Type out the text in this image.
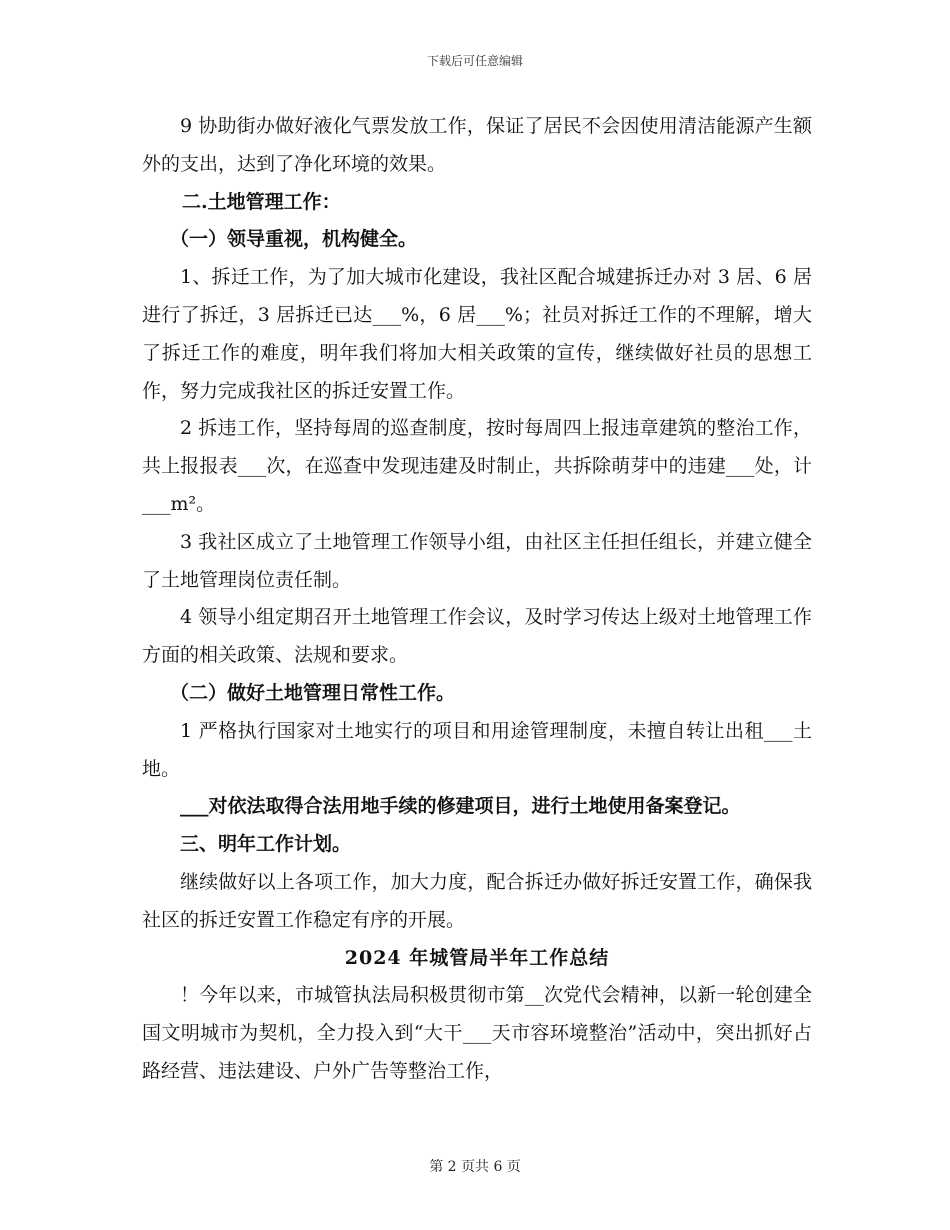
下载后可任意编辑

9 协助街办做好液化气票发放工作，保证了居民不会因使用清洁能源产生额外的支出，达到了净化环境的效果。

二.土地管理工作：

（一）领导重视，机构健全。

1、拆迁工作，为了加大城市化建设，我社区配合城建拆迁办对 3 居、6 居进行了拆迁，3 居拆迁已达___%，6 居___%；社员对拆迁工作的不理解，增大了拆迁工作的难度，明年我们将加大相关政策的宣传，继续做好社员的思想工作，努力完成我社区的拆迁安置工作。

2 拆违工作，坚持每周的巡查制度，按时每周四上报违章建筑的整治工作，共上报报表___次，在巡查中发现违建及时制止，共拆除萌芽中的违建___处，计___m²。

3 我社区成立了土地管理工作领导小组，由社区主任担任组长，并建立健全了土地管理岗位责任制。

4 领导小组定期召开土地管理工作会议，及时学习传达上级对土地管理工作方面的相关政策、法规和要求。

（二）做好土地管理日常性工作。

1 严格执行国家对土地实行的项目和用途管理制度，未擅自转让出租___土地。

___对依法取得合法用地手续的修建项目，进行土地使用备案登记。

三、明年工作计划。

继续做好以上各项工作，加大力度，配合拆迁办做好拆迁安置工作，确保我社区的拆迁安置工作稳定有序的开展。

2024 年城管局半年工作总结

！今年以来，市城管执法局积极贯彻市第__次党代会精神，以新一轮创建全国文明城市为契机，全力投入到“大干___天市容环境整治”活动中，突出抓好占路经营、违法建设、户外广告等整治工作，

第 2 页共 6 页
